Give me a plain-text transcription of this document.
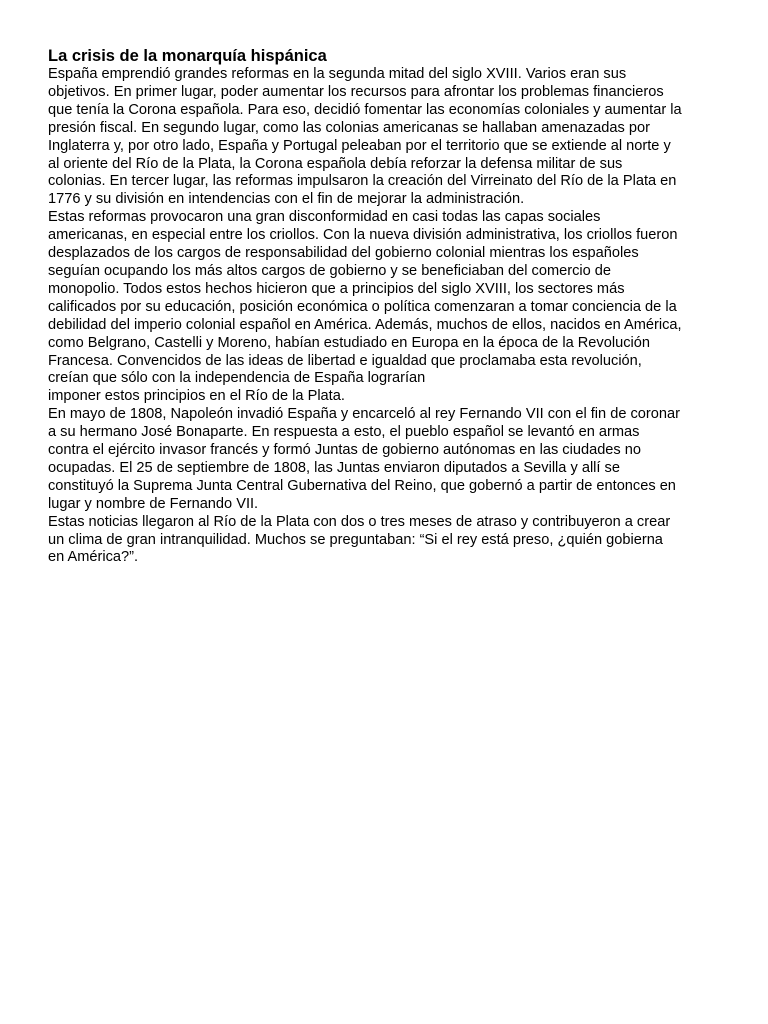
La crisis de la monarquía hispánica

España emprendió grandes reformas en la segunda mitad del siglo XVIII. Varios eran sus
objetivos. En primer lugar, poder aumentar los recursos para afrontar los problemas financieros
que tenía la Corona española. Para eso, decidió fomentar las economías coloniales y aumentar la
presión fiscal. En segundo lugar, como las colonias americanas se hallaban amenazadas por
Inglaterra y, por otro lado, España y Portugal peleaban por el territorio que se extiende al norte y
al oriente del Río de la Plata, la Corona española debía reforzar la defensa militar de sus
colonias. En tercer lugar, las reformas impulsaron la creación del Virreinato del Río de la Plata en
1776 y su división en intendencias con el fin de mejorar la administración.

Estas reformas provocaron una gran disconformidad en casi todas las capas sociales
americanas, en especial entre los criollos. Con la nueva división administrativa, los criollos fueron
desplazados de los cargos de responsabilidad del gobierno colonial mientras los españoles
seguían ocupando los más altos cargos de gobierno y se beneficiaban del comercio de
monopolio. Todos estos hechos hicieron que a principios del siglo XVIII, los sectores más
calificados por su educación, posición económica o política comenzaran a tomar conciencia de la
debilidad del imperio colonial español en América. Además, muchos de ellos, nacidos en América,
como Belgrano, Castelli y Moreno, habían estudiado en Europa en la época de la Revolución
Francesa. Convencidos de las ideas de libertad e igualdad que proclamaba esta revolución,
creían que sólo con la independencia de España lograrían
imponer estos principios en el Río de la Plata.

En mayo de 1808, Napoleón invadió España y encarceló al rey Fernando VII con el fin de coronar
a su hermano José Bonaparte. En respuesta a esto, el pueblo español se levantó en armas
contra el ejército invasor francés y formó Juntas de gobierno autónomas en las ciudades no
ocupadas. El 25 de septiembre de 1808, las Juntas enviaron diputados a Sevilla y allí se
constituyó la Suprema Junta Central Gubernativa del Reino, que gobernó a partir de entonces en
lugar y nombre de Fernando VII.

Estas noticias llegaron al Río de la Plata con dos o tres meses de atraso y contribuyeron a crear
un clima de gran intranquilidad. Muchos se preguntaban: “Si el rey está preso, ¿quién gobierna
en América?”.
